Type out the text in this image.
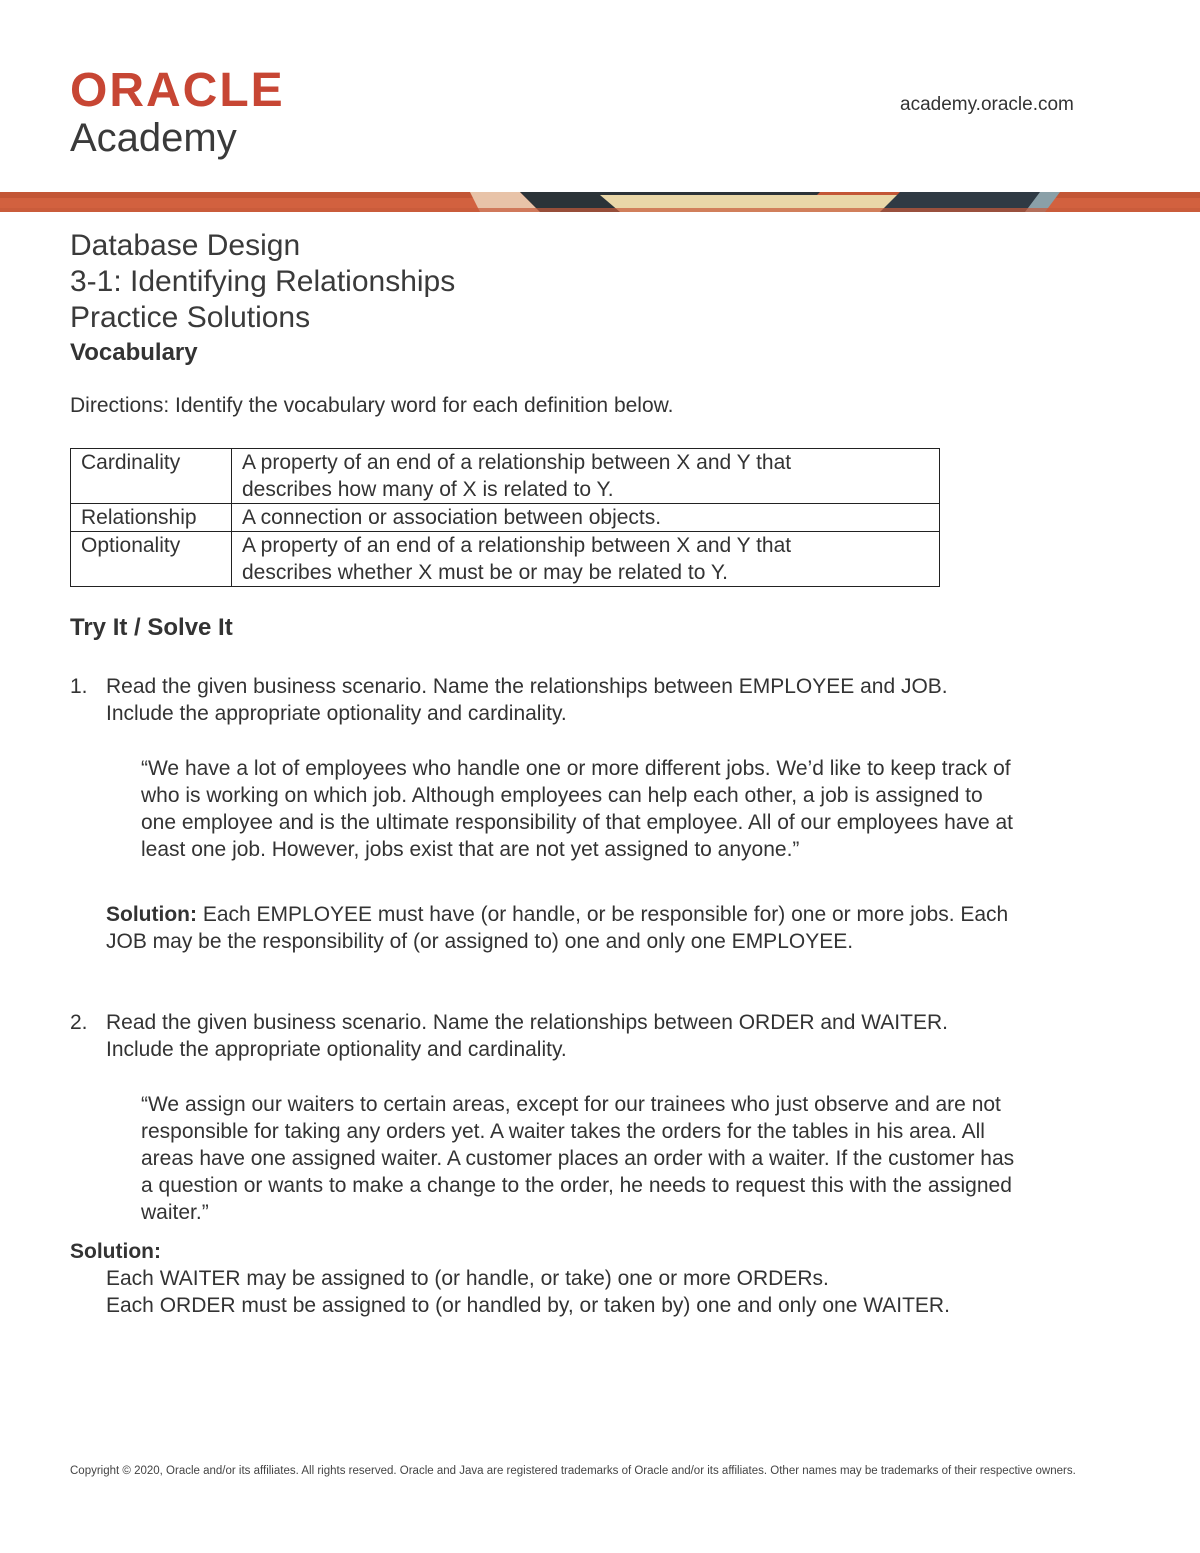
ORACLE
Academy
academy.oracle.com
Database Design
3-1: Identifying Relationships
Practice Solutions
Vocabulary
Directions: Identify the vocabulary word for each definition below.
Cardinality	A property of an end of a relationship between X and Y that
describes how many of X is related to Y.

Relationship	A connection or association between objects.

Optionality	A property of an end of a relationship between X and Y that
describes whether X must be or may be related to Y.
Try It / Solve It
1. Read the given business scenario. Name the relationships between EMPLOYEE and JOB.
Include the appropriate optionality and cardinality.
“We have a lot of employees who handle one or more different jobs. We’d like to keep track of
who is working on which job. Although employees can help each other, a job is assigned to
one employee and is the ultimate responsibility of that employee. All of our employees have at
least one job. However, jobs exist that are not yet assigned to anyone.”
Solution: Each EMPLOYEE must have (or handle, or be responsible for) one or more jobs. Each
JOB may be the responsibility of (or assigned to) one and only one EMPLOYEE.
2. Read the given business scenario. Name the relationships between ORDER and WAITER.
Include the appropriate optionality and cardinality.
“We assign our waiters to certain areas, except for our trainees who just observe and are not
responsible for taking any orders yet. A waiter takes the orders for the tables in his area. All
areas have one assigned waiter. A customer places an order with a waiter. If the customer has
a question or wants to make a change to the order, he needs to request this with the assigned
waiter.”
Solution:
Each WAITER may be assigned to (or handle, or take) one or more ORDERs.
Each ORDER must be assigned to (or handled by, or taken by) one and only one WAITER.
Copyright © 2020, Oracle and/or its affiliates. All rights reserved. Oracle and Java are registered trademarks of Oracle and/or its affiliates. Other names may be trademarks of their respective owners.
